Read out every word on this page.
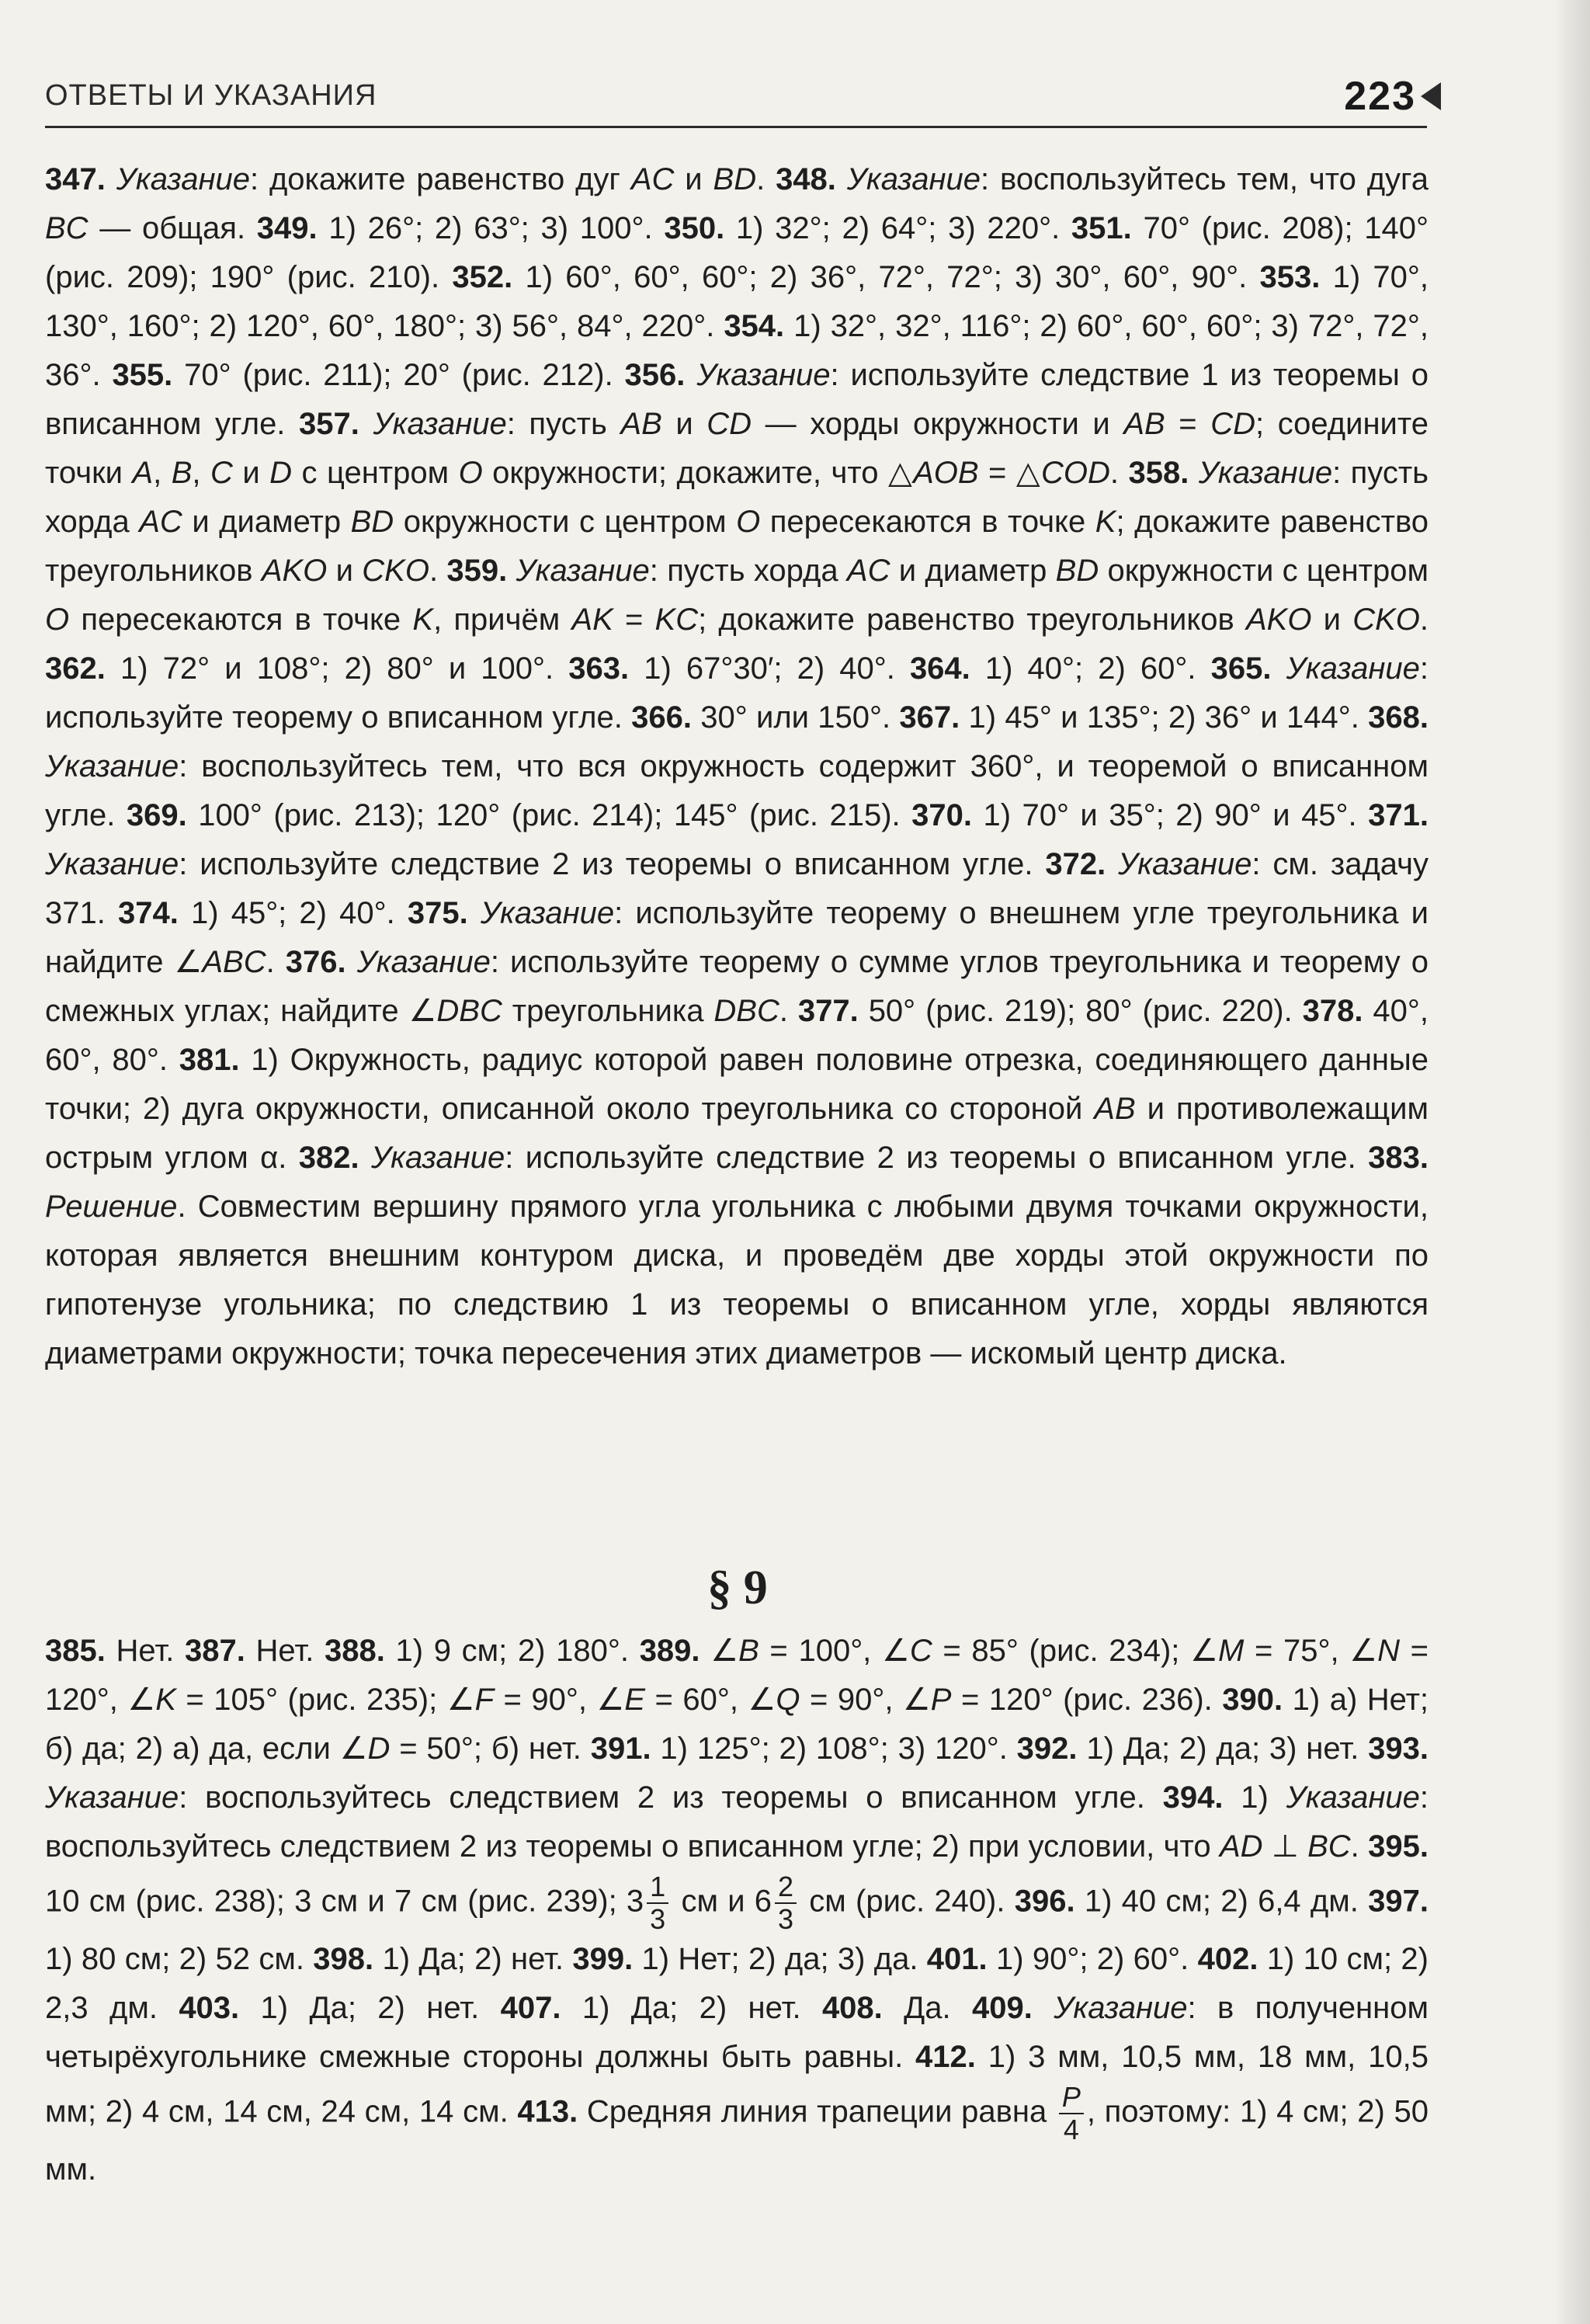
ОТВЕТЫ И УКАЗАНИЯ	223
347. Указание: докажите равенство дуг AC и BD. 348. Указание: воспользуйтесь тем, что дуга BC — общая. 349. 1) 26°; 2) 63°; 3) 100°. 350. 1) 32°; 2) 64°; 3) 220°. 351. 70° (рис. 208); 140° (рис. 209); 190° (рис. 210). 352. 1) 60°, 60°, 60°; 2) 36°, 72°, 72°; 3) 30°, 60°, 90°. 353. 1) 70°, 130°, 160°; 2) 120°, 60°, 180°; 3) 56°, 84°, 220°. 354. 1) 32°, 32°, 116°; 2) 60°, 60°, 60°; 3) 72°, 72°, 36°. 355. 70° (рис. 211); 20° (рис. 212). 356. Указание: используйте следствие 1 из теоремы о вписанном угле. 357. Указание: пусть AB и CD — хорды окружности и AB = CD; соедините точки A, B, C и D с центром O окружности; докажите, что △AOB = △COD. 358. Указание: пусть хорда AC и диаметр BD окружности с центром O пересекаются в точке K; докажите равенство треугольников AKO и CKO. 359. Указание: пусть хорда AC и диаметр BD окружности с центром O пересекаются в точке K, причём AK = KC; докажите равенство треугольников AKO и CKO. 362. 1) 72° и 108°; 2) 80° и 100°. 363. 1) 67°30′; 2) 40°. 364. 1) 40°; 2) 60°. 365. Указание: используйте теорему о вписанном угле. 366. 30° или 150°. 367. 1) 45° и 135°; 2) 36° и 144°. 368. Указание: воспользуйтесь тем, что вся окружность содержит 360°, и теоремой о вписанном угле. 369. 100° (рис. 213); 120° (рис. 214); 145° (рис. 215). 370. 1) 70° и 35°; 2) 90° и 45°. 371. Указание: используйте следствие 2 из теоремы о вписанном угле. 372. Указание: см. задачу 371. 374. 1) 45°; 2) 40°. 375. Указание: используйте теорему о внешнем угле треугольника и найдите ∠ABC. 376. Указание: используйте теорему о сумме углов треугольника и теорему о смежных углах; найдите ∠DBC треугольника DBC. 377. 50° (рис. 219); 80° (рис. 220). 378. 40°, 60°, 80°. 381. 1) Окружность, радиус которой равен половине отрезка, соединяющего данные точки; 2) дуга окружности, описанной около треугольника со стороной AB и противолежащим острым углом α. 382. Указание: используйте следствие 2 из теоремы о вписанном угле. 383. Решение. Совместим вершину прямого угла угольника с любыми двумя точками окружности, которая является внешним контуром диска, и проведём две хорды этой окружности по гипотенузе угольника; по следствию 1 из теоремы о вписанном угле, хорды являются диаметрами окружности; точка пересечения этих диаметров — искомый центр диска.
§ 9
385. Нет. 387. Нет. 388. 1) 9 см; 2) 180°. 389. ∠B = 100°, ∠C = 85° (рис. 234); ∠M = 75°, ∠N = 120°, ∠K = 105° (рис. 235); ∠F = 90°, ∠E = 60°, ∠Q = 90°, ∠P = 120° (рис. 236). 390. 1) а) Нет; б) да; 2) а) да, если ∠D = 50°; б) нет. 391. 1) 125°; 2) 108°; 3) 120°. 392. 1) Да; 2) да; 3) нет. 393. Указание: воспользуйтесь следствием 2 из теоремы о вписанном угле. 394. 1) Указание: воспользуйтесь следствием 2 из теоремы о вписанном угле; 2) при условии, что AD ⊥ BC. 395. 10 см (рис. 238); 3 см и 7 см (рис. 239); $3 \frac{1}{3}$ см и $6 \frac{2}{3}$ см (рис. 240). 396. 1) 40 см; 2) 6,4 дм. 397. 1) 80 см; 2) 52 см. 398. 1) Да; 2) нет. 399. 1) Нет; 2) да; 3) да. 401. 1) 90°; 2) 60°. 402. 1) 10 см; 2) 2,3 дм. 403. 1) Да; 2) нет. 407. 1) Да; 2) нет. 408. Да. 409. Указание: в полученном четырёхугольнике смежные стороны должны быть равны. 412. 1) 3 мм, 10,5 мм, 18 мм, 10,5 мм; 2) 4 см, 14 см, 24 см, 14 см. 413. Средняя линия трапеции равна $\frac{P}{4}$ , поэтому: 1) 4 см; 2) 50 мм.
